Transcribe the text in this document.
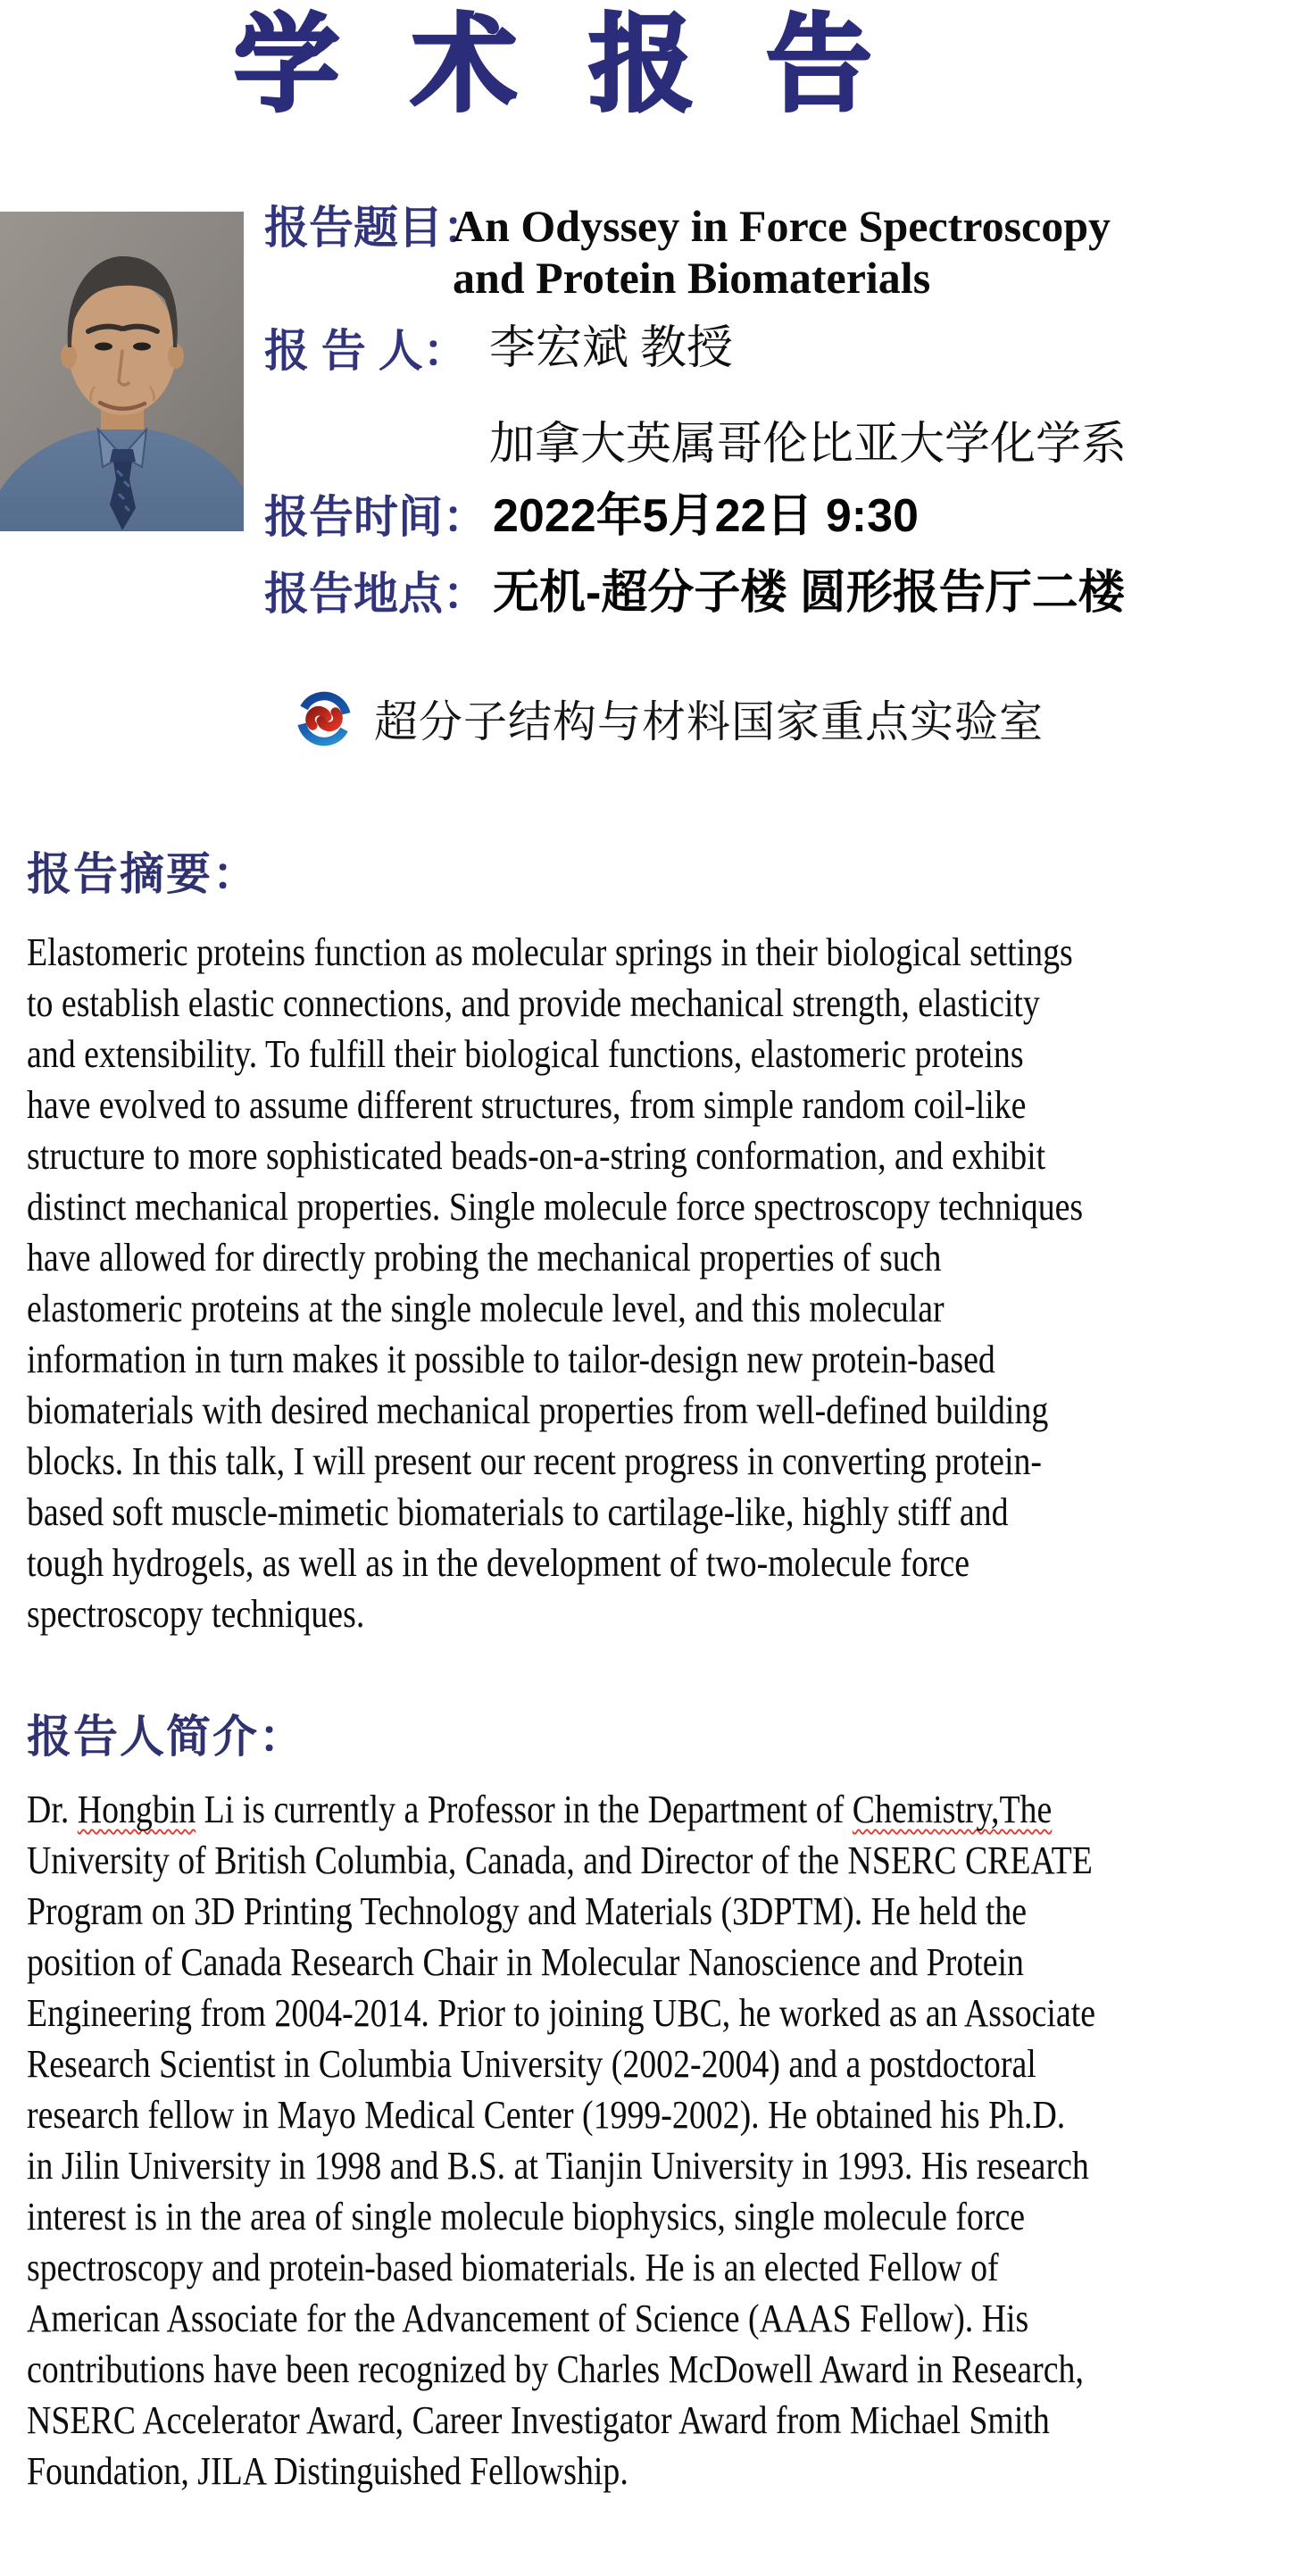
学 术 报 告
报告题目：
An Odyssey in Force Spectroscopy
and Protein Biomaterials
报 告 人： 李宏斌 教授
加拿大英属哥伦比亚大学化学系
报告时间： 2022年5月22日 9:30
报告地点： 无机-超分子楼 圆形报告厅二楼
超分子结构与材料国家重点实验室
报告摘要：
Elastomeric proteins function as molecular springs in their biological settings
to establish elastic connections, and provide mechanical strength, elasticity
and extensibility. To fulfill their biological functions, elastomeric proteins
have evolved to assume different structures, from simple random coil-like
structure to more sophisticated beads-on-a-string conformation, and exhibit
distinct mechanical properties. Single molecule force spectroscopy techniques
have allowed for directly probing the mechanical properties of such
elastomeric proteins at the single molecule level, and this molecular
information in turn makes it possible to tailor-design new protein-based
biomaterials with desired mechanical properties from well-defined building
blocks. In this talk, I will present our recent progress in converting protein-
based soft muscle-mimetic biomaterials to cartilage-like, highly stiff and
tough hydrogels, as well as in the development of two-molecule force
spectroscopy techniques.
报告人简介：
Dr. Hongbin Li is currently a Professor in the Department of Chemistry,The
University of British Columbia, Canada, and Director of the NSERC CREATE
Program on 3D Printing Technology and Materials (3DPTM). He held the
position of Canada Research Chair in Molecular Nanoscience and Protein
Engineering from 2004-2014. Prior to joining UBC, he worked as an Associate
Research Scientist in Columbia University (2002-2004) and a postdoctoral
research fellow in Mayo Medical Center (1999-2002). He obtained his Ph.D.
in Jilin University in 1998 and B.S. at Tianjin University in 1993. His research
interest is in the area of single molecule biophysics, single molecule force
spectroscopy and protein-based biomaterials. He is an elected Fellow of
American Associate for the Advancement of Science (AAAS Fellow). His
contributions have been recognized by Charles McDowell Award in Research,
NSERC Accelerator Award, Career Investigator Award from Michael Smith
Foundation, JILA Distinguished Fellowship.
